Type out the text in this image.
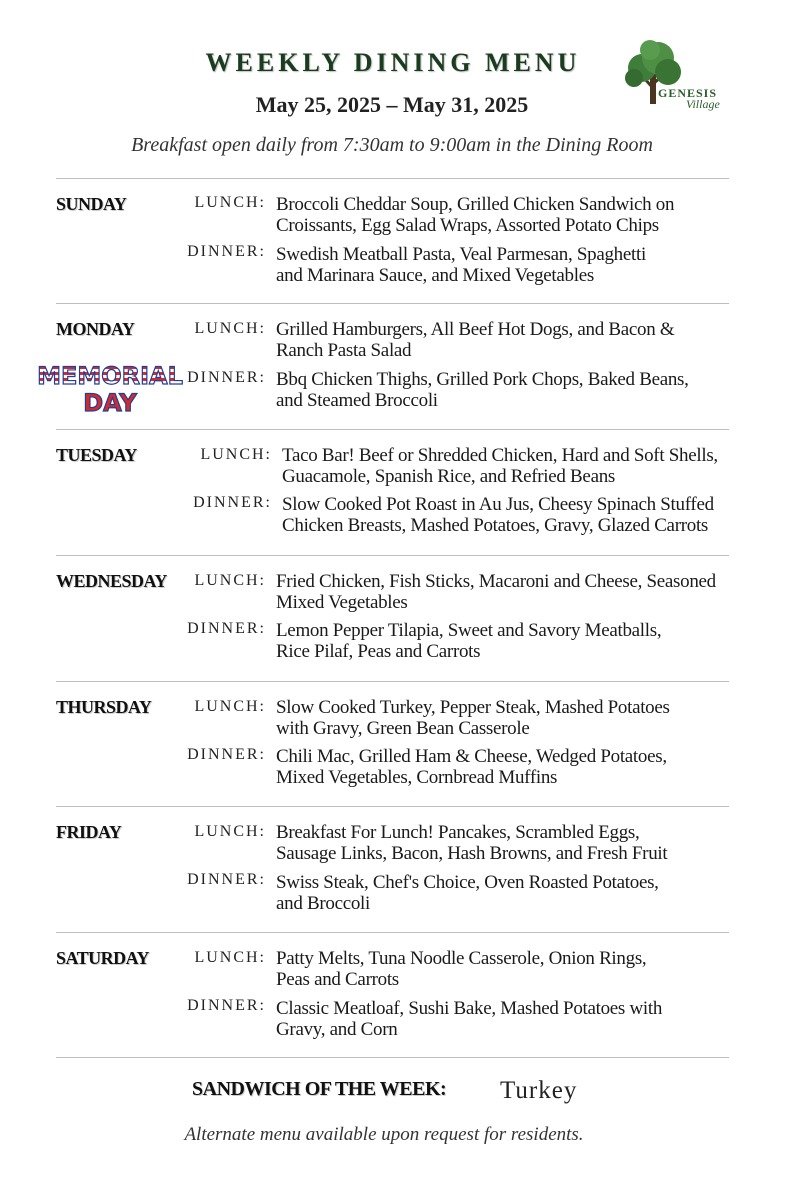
WEEKLY DINING MENU
May 25, 2025 – May 31, 2025
Breakfast open daily from 7:30am to 9:00am in the Dining Room
GENESIS
Village
SUNDAY	LUNCH: Broccoli Cheddar Soup, Grilled Chicken Sandwich on
Croissants, Egg Salad Wraps, Assorted Potato Chips
DINNER: Swedish Meatball Pasta, Veal Parmesan, Spaghetti
and Marinara Sauce, and Mixed Vegetables
MONDAY	LUNCH: Grilled Hamburgers, All Beef Hot Dogs, and Bacon &
Ranch Pasta Salad
MEMORIAL
DAY
DINNER: Bbq Chicken Thighs, Grilled Pork Chops, Baked Beans,
and Steamed Broccoli
TUESDAY	LUNCH: Taco Bar! Beef or Shredded Chicken, Hard and Soft Shells,
Guacamole, Spanish Rice, and Refried Beans
DINNER: Slow Cooked Pot Roast in Au Jus, Cheesy Spinach Stuffed
Chicken Breasts, Mashed Potatoes, Gravy, Glazed Carrots
WEDNESDAY	LUNCH: Fried Chicken, Fish Sticks, Macaroni and Cheese, Seasoned
Mixed Vegetables
DINNER: Lemon Pepper Tilapia, Sweet and Savory Meatballs,
Rice Pilaf, Peas and Carrots
THURSDAY	LUNCH: Slow Cooked Turkey, Pepper Steak, Mashed Potatoes
with Gravy, Green Bean Casserole
DINNER: Chili Mac, Grilled Ham & Cheese, Wedged Potatoes,
Mixed Vegetables, Cornbread Muffins
FRIDAY	LUNCH: Breakfast For Lunch! Pancakes, Scrambled Eggs,
Sausage Links, Bacon, Hash Browns, and Fresh Fruit
DINNER: Swiss Steak, Chef's Choice, Oven Roasted Potatoes,
and Broccoli
SATURDAY	LUNCH: Patty Melts, Tuna Noodle Casserole, Onion Rings,
Peas and Carrots
DINNER: Classic Meatloaf, Sushi Bake, Mashed Potatoes with
Gravy, and Corn
SANDWICH OF THE WEEK: Turkey
Alternate menu available upon request for residents.
